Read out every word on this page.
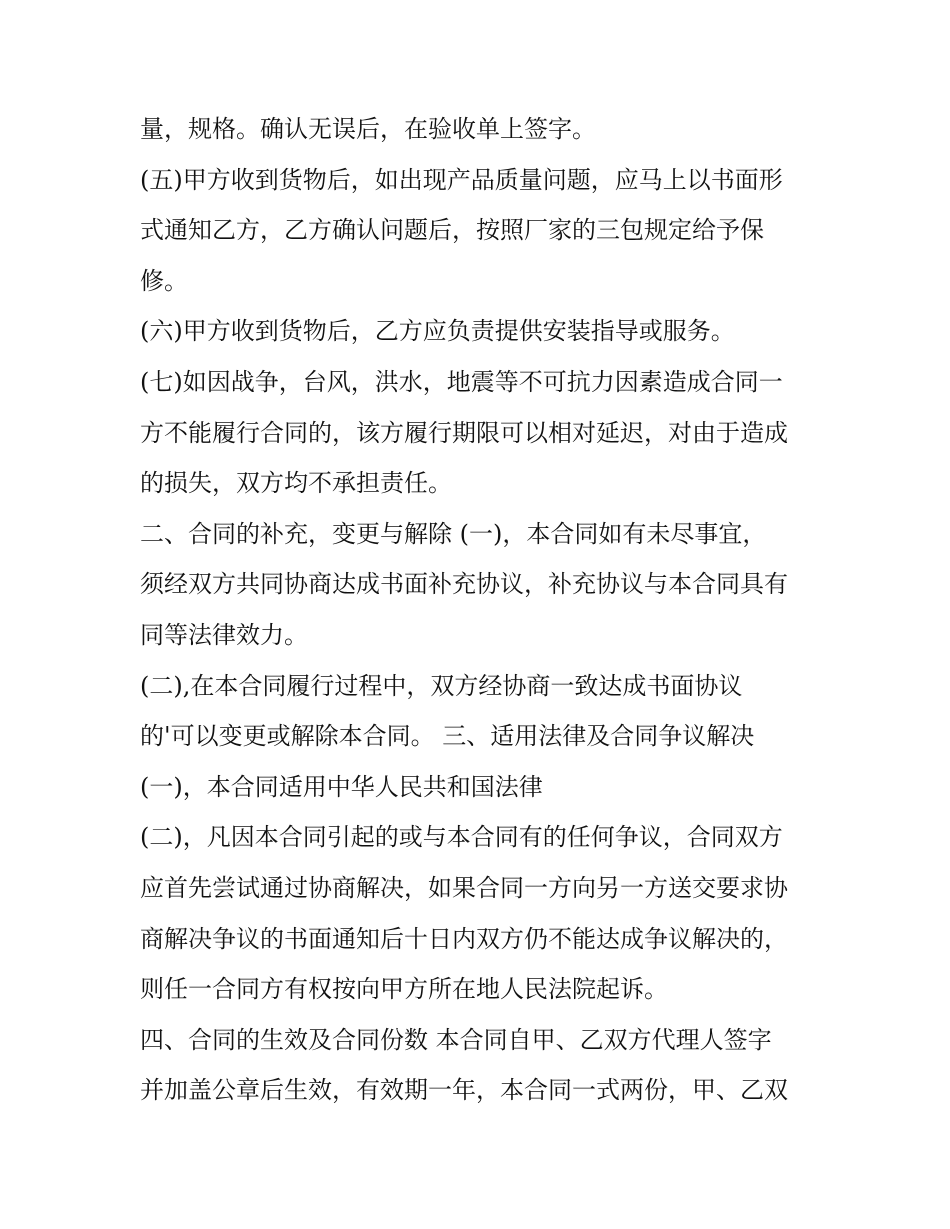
量，规格。确认无误后，在验收单上签字。
(五)甲方收到货物后，如出现产品质量问题，应马上以书面形
式通知乙方，乙方确认问题后，按照厂家的三包规定给予保
修。
(六)甲方收到货物后，乙方应负责提供安装指导或服务。
(七)如因战争，台风，洪水，地震等不可抗力因素造成合同一
方不能履行合同的，该方履行期限可以相对延迟，对由于造成
的损失，双方均不承担责任。
二、合同的补充，变更与解除 (一)，本合同如有未尽事宜，
须经双方共同协商达成书面补充协议，补充协议与本合同具有
同等法律效力。
(二),在本合同履行过程中，双方经协商一致达成书面协议
的'可以变更或解除本合同。 三、适用法律及合同争议解决
(一)，本合同适用中华人民共和国法律
(二)，凡因本合同引起的或与本合同有的任何争议，合同双方
应首先尝试通过协商解决，如果合同一方向另一方送交要求协
商解决争议的书面通知后十日内双方仍不能达成争议解决的，
则任一合同方有权按向甲方所在地人民法院起诉。
四、合同的生效及合同份数 本合同自甲、乙双方代理人签字
并加盖公章后生效，有效期一年，本合同一式两份，甲、乙双
